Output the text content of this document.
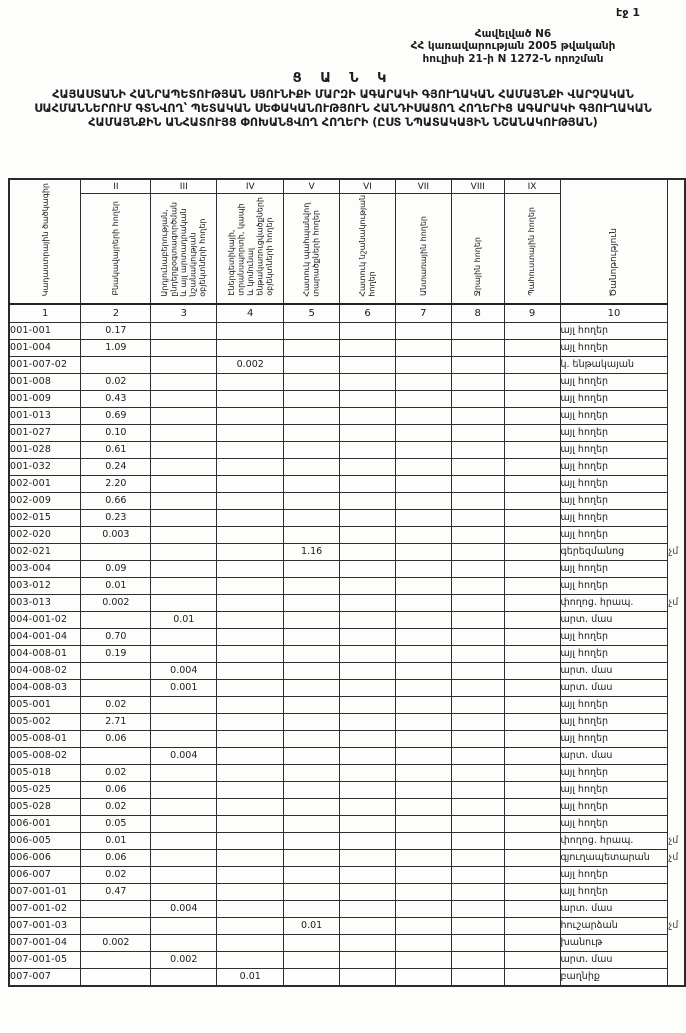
էջ 1
Հավելված N6
ՀՀ կառավարության 2005 թվականի
հուլիսի 21-ի N 1272-Ն որոշման
Ց Ա Ն Կ
ՀԱՅԱՍՏԱՆԻ ՀԱՆՐԱՊԵՏՈՒԹՅԱՆ ՍՅՈՒՆԻՔԻ ՄԱՐԶԻ ԱԳԱՐԱԿԻ ԳՅՈՒՂԱԿԱՆ ՀԱՄԱՅՆՔԻ ՎԱՐՉԱԿԱՆ ՍԱՀՄԱՆՆԵՐՈՒՄ ԳՏՆՎՈՂ՝ ՊԵՏԱԿԱՆ ՍԵՓԱԿԱՆՈՒԹՅՈՒՆ ՀԱՆԴԻՍԱՑՈՂ ՀՈՂԵՐԻՑ ԱԳԱՐԱԿԻ ԳՅՈՒՂԱԿԱՆ ՀԱՄԱՅՆՔԻՆ ԱՆՀԱՏՈՒՅՑ ՓՈԽԱՆՑՎՈՂ ՀՈՂԵՐԻ (ԸՍՏ ՆՊԱՏԱԿԱՅԻՆ ՆՇԱՆԱԿՈՒԹՅԱՆ)
Կադաստրային ծածկագիր	II	III	IV	V	VI	VII	VIII	IX	Ծանոթություն	
	Բնակավայրերի հողեր	Արդյունաբերության, ընդերքօգտագործման և այլ արտադրական նշանակության օբյեկտների հողեր	Էներգետիկայի, տրանսպորտի, կապի և կոմունալ ենթակառուցվածքների օբյեկտների հողեր	Հատուկ պահպանվող տարածքների հողեր	Հատուկ նշանակության հողեր	Անտառային հողեր	Ջրային հողեր	Պահուստային հողեր		
1	2	3	4	5	6	7	8	9	10	
001-001	0.17								այլ հողեր	
001-004	1.09								այլ հողեր	
001-007-02			0.002						կ. ենթակայան	
001-008	0.02								այլ հողեր	
001-009	0.43								այլ հողեր	
001-013	0.69								այլ հողեր	
001-027	0.10								այլ հողեր	
001-028	0.61								այլ հողեր	
001-032	0.24								այլ հողեր	
002-001	2.20								այլ հողեր	
002-009	0.66								այլ հողեր	
002-015	0.23								այլ հողեր	
002-020	0.003								այլ հողեր	
002-021				1.16					գերեզմանոց	չմ
003-004	0.09								այլ հողեր	
003-012	0.01								այլ հողեր	
003-013	0.002								փողոց. հրապ.	չմ
004-001-02		0.01							արտ. մաս	
004-001-04	0.70								այլ հողեր	
004-008-01	0.19								այլ հողեր	
004-008-02		0.004							արտ. մաս	
004-008-03		0.001							արտ. մաս	
005-001	0.02								այլ հողեր	
005-002	2.71								այլ հողեր	
005-008-01	0.06								այլ հողեր	
005-008-02		0.004							արտ. մաս	
005-018	0.02								այլ հողեր	
005-025	0.06								այլ հողեր	
005-028	0.02								այլ հողեր	
006-001	0.05								այլ հողեր	
006-005	0.01								փողոց. հրապ.	չմ
006-006	0.06								գյուղապետարան	չմ
006-007	0.02								այլ հողեր	
007-001-01	0.47								այլ հողեր	
007-001-02		0.004							արտ. մաս	
007-001-03				0.01					հուշարձան	չմ
007-001-04	0.002								խանութ	
007-001-05		0.002							արտ. մաս	
007-007			0.01						բաղնիք	
